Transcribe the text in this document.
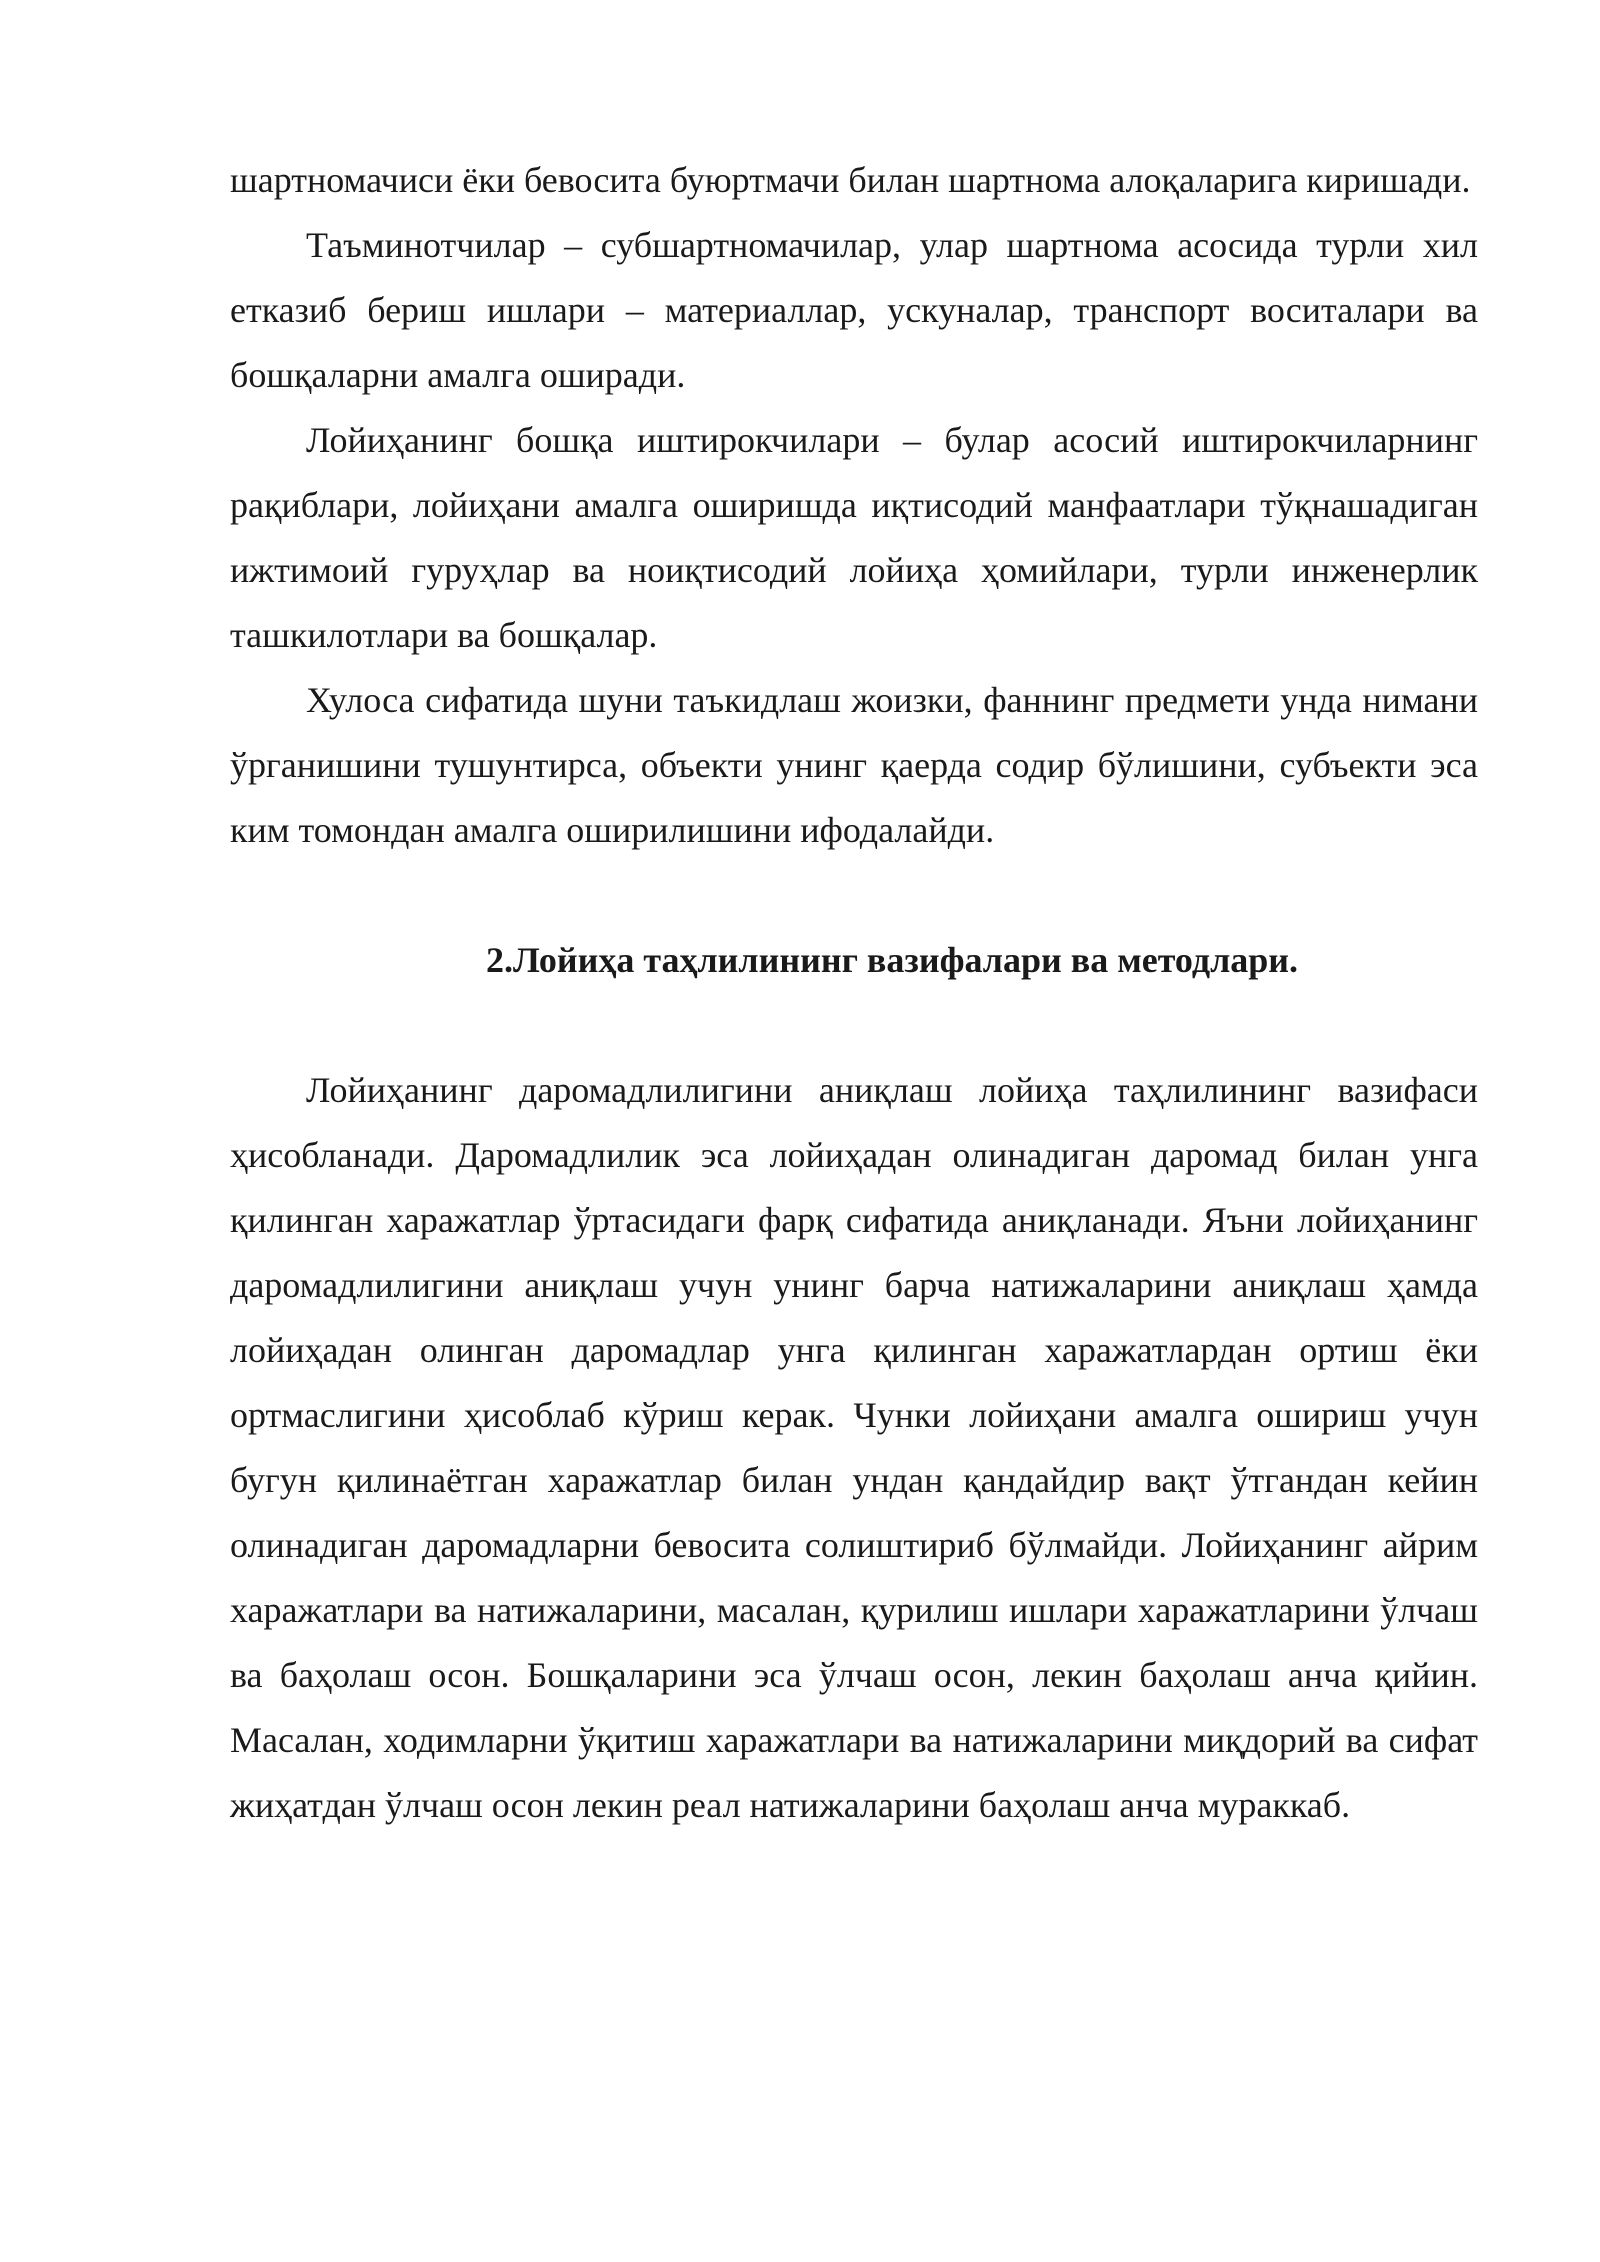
шартномачиси ёки бевосита буюртмачи билан шартнома алоқаларига киришади.

Таъминотчилар – субшартномачилар, улар шартнома асосида турли хил етказиб бериш ишлари – материаллар, ускуналар, транспорт воситалари ва бошқаларни амалга оширади.

Лойиҳанинг бошқа иштирокчилари – булар асосий иштирокчиларнинг рақиблари, лойиҳани амалга оширишда иқтисодий манфаатлари тўқнашадиган ижтимоий гуруҳлар ва ноиқтисодий лойиҳа ҳомийлари, турли инженерлик ташкилотлари ва бошқалар.

Хулоса сифатида шуни таъкидлаш жоизки, фаннинг предмети унда нимани ўрганишини тушунтирса, объекти унинг қаерда содир бўлишини, субъекти эса ким томондан амалга оширилишини ифодалайди.

2.Лойиҳа таҳлилининг вазифалари ва методлари.

Лойиҳанинг даромадлилигини аниқлаш лойиҳа таҳлилининг вазифаси ҳисобланади. Даромадлилик эса лойиҳадан олинадиган даромад билан унга қилинган харажатлар ўртасидаги фарқ сифатида аниқланади. Яъни лойиҳанинг даромадлилигини аниқлаш учун унинг барча натижаларини аниқлаш ҳамда лойиҳадан олинган даромадлар унга қилинган харажатлардан ортиш ёки ортмаслигини ҳисоблаб кўриш керак. Чунки лойиҳани амалга ошириш учун бугун қилинаётган харажатлар билан ундан қандайдир вақт ўтгандан кейин олинадиган даромадларни бевосита солиштириб бўлмайди. Лойиҳанинг айрим харажатлари ва натижаларини, масалан, қурилиш ишлари харажатларини ўлчаш ва баҳолаш осон. Бошқаларини эса ўлчаш осон, лекин баҳолаш анча қийин. Масалан, ходимларни ўқитиш харажатлари ва натижаларини миқдорий ва сифат жиҳатдан ўлчаш осон лекин реал натижаларини баҳолаш анча мураккаб.
